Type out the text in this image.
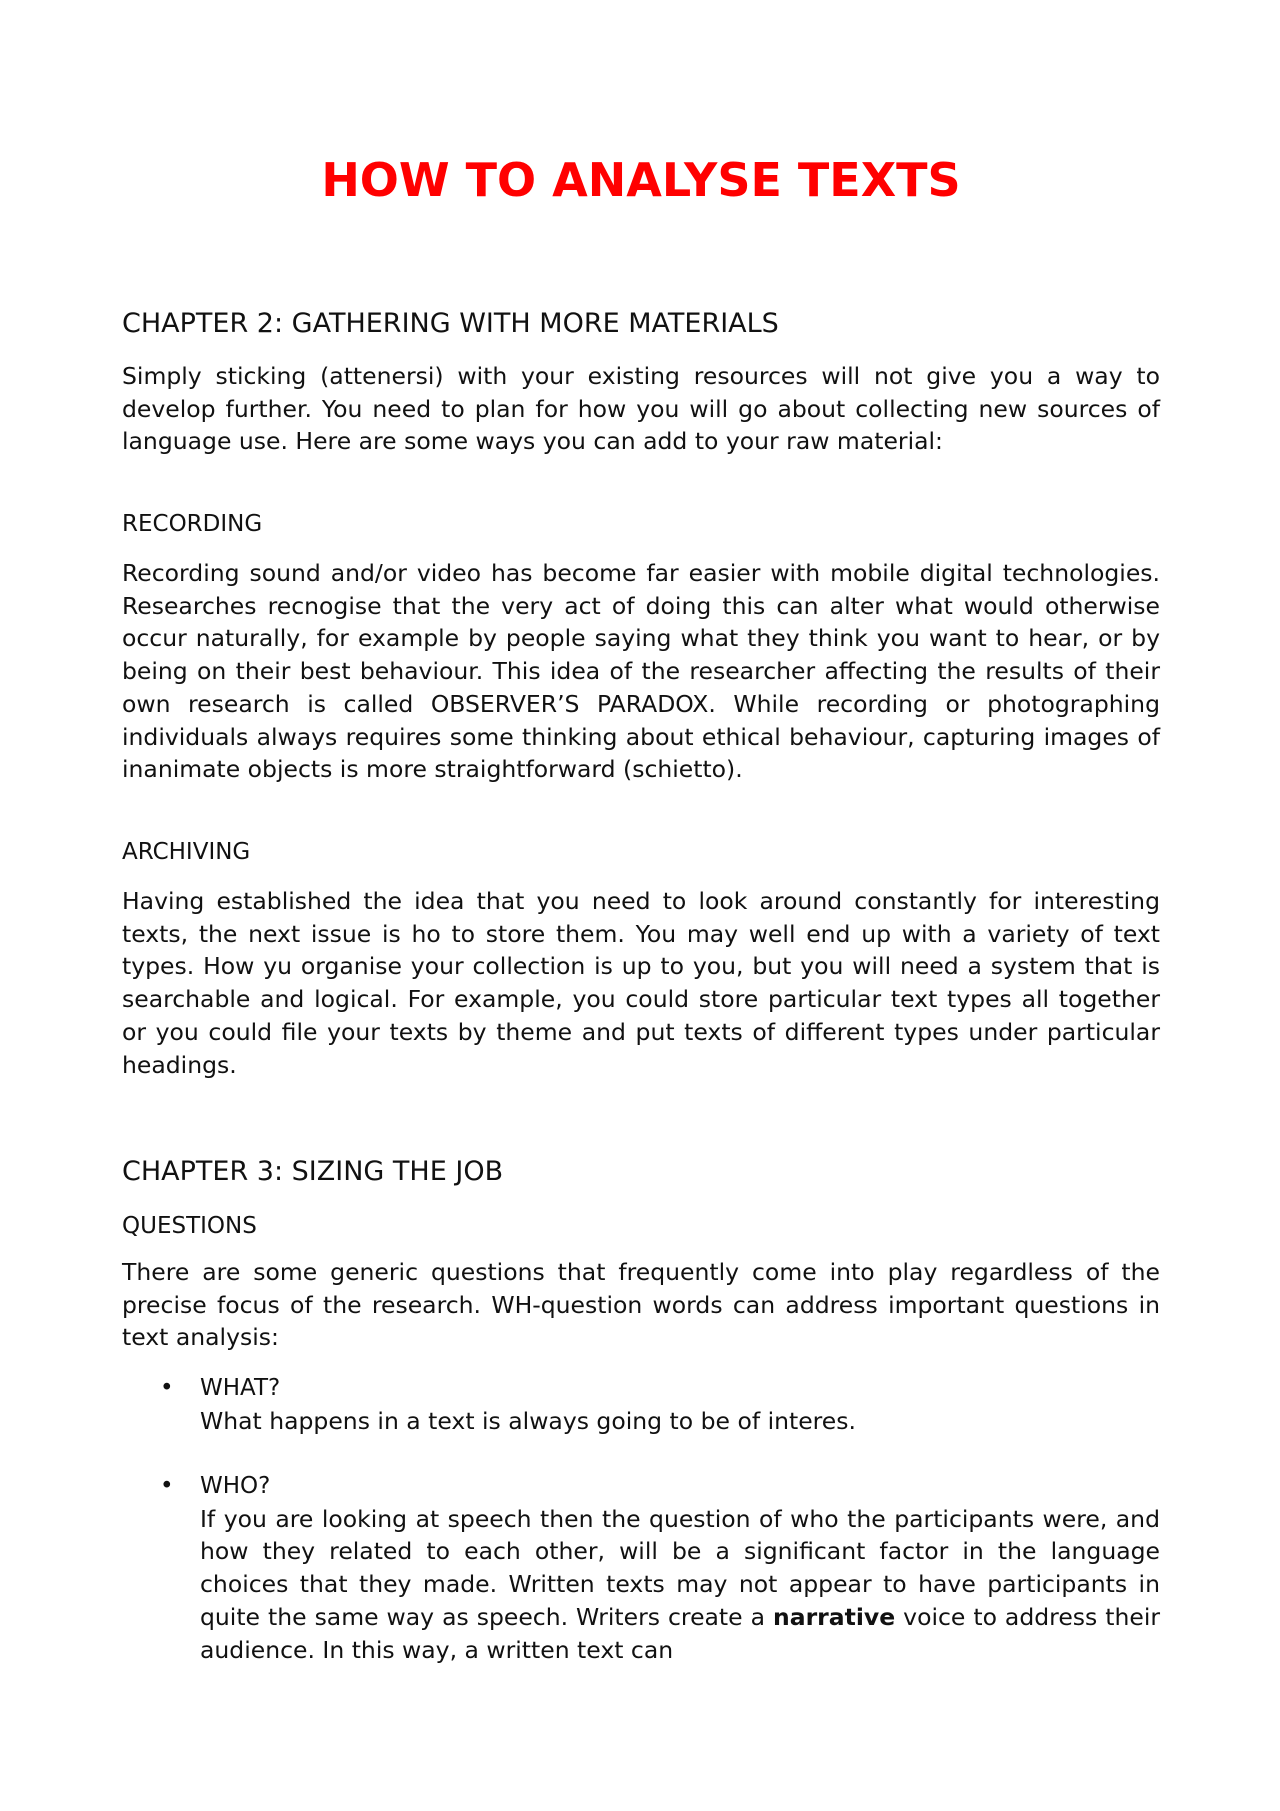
HOW TO ANALYSE TEXTS
CHAPTER 2: GATHERING WITH MORE MATERIALS

Simply sticking (attenersi) with your existing resources will not give you a way to develop further. You need to plan for how you will go about collecting new sources of language use. Here are some ways you can add to your raw material:

RECORDING

Recording sound and/or video has become far easier with mobile digital technologies. Researches recnogise that the very act of doing this can alter what would otherwise occur naturally, for example by people saying what they think you want to hear, or by being on their best behaviour. This idea of the researcher affecting the results of their own research is called OBSERVER’S PARADOX. While recording or photographing individuals always requires some thinking about ethical behaviour, capturing images of inanimate objects is more straightforward (schietto).

ARCHIVING

Having established the idea that you need to look around constantly for interesting texts, the next issue is ho to store them. You may well end up with a variety of text types. How yu organise your collection is up to you, but you will need a system that is searchable and logical. For example, you could store particular text types all together or you could file your texts by theme and put texts of different types under particular headings.

CHAPTER 3: SIZING THE JOB

QUESTIONS

There are some generic questions that frequently come into play regardless of the precise focus of the research. WH-question words can address important questions in text analysis:

• WHAT?

What happens in a text is always going to be of interes.

• WHO?

If you are looking at speech then the question of who the participants were, and how they related to each other, will be a significant factor in the language choices that they made. Written texts may not appear to have participants in quite the same way as speech. Writers create a narrative voice to address their audience. In this way, a written text can
